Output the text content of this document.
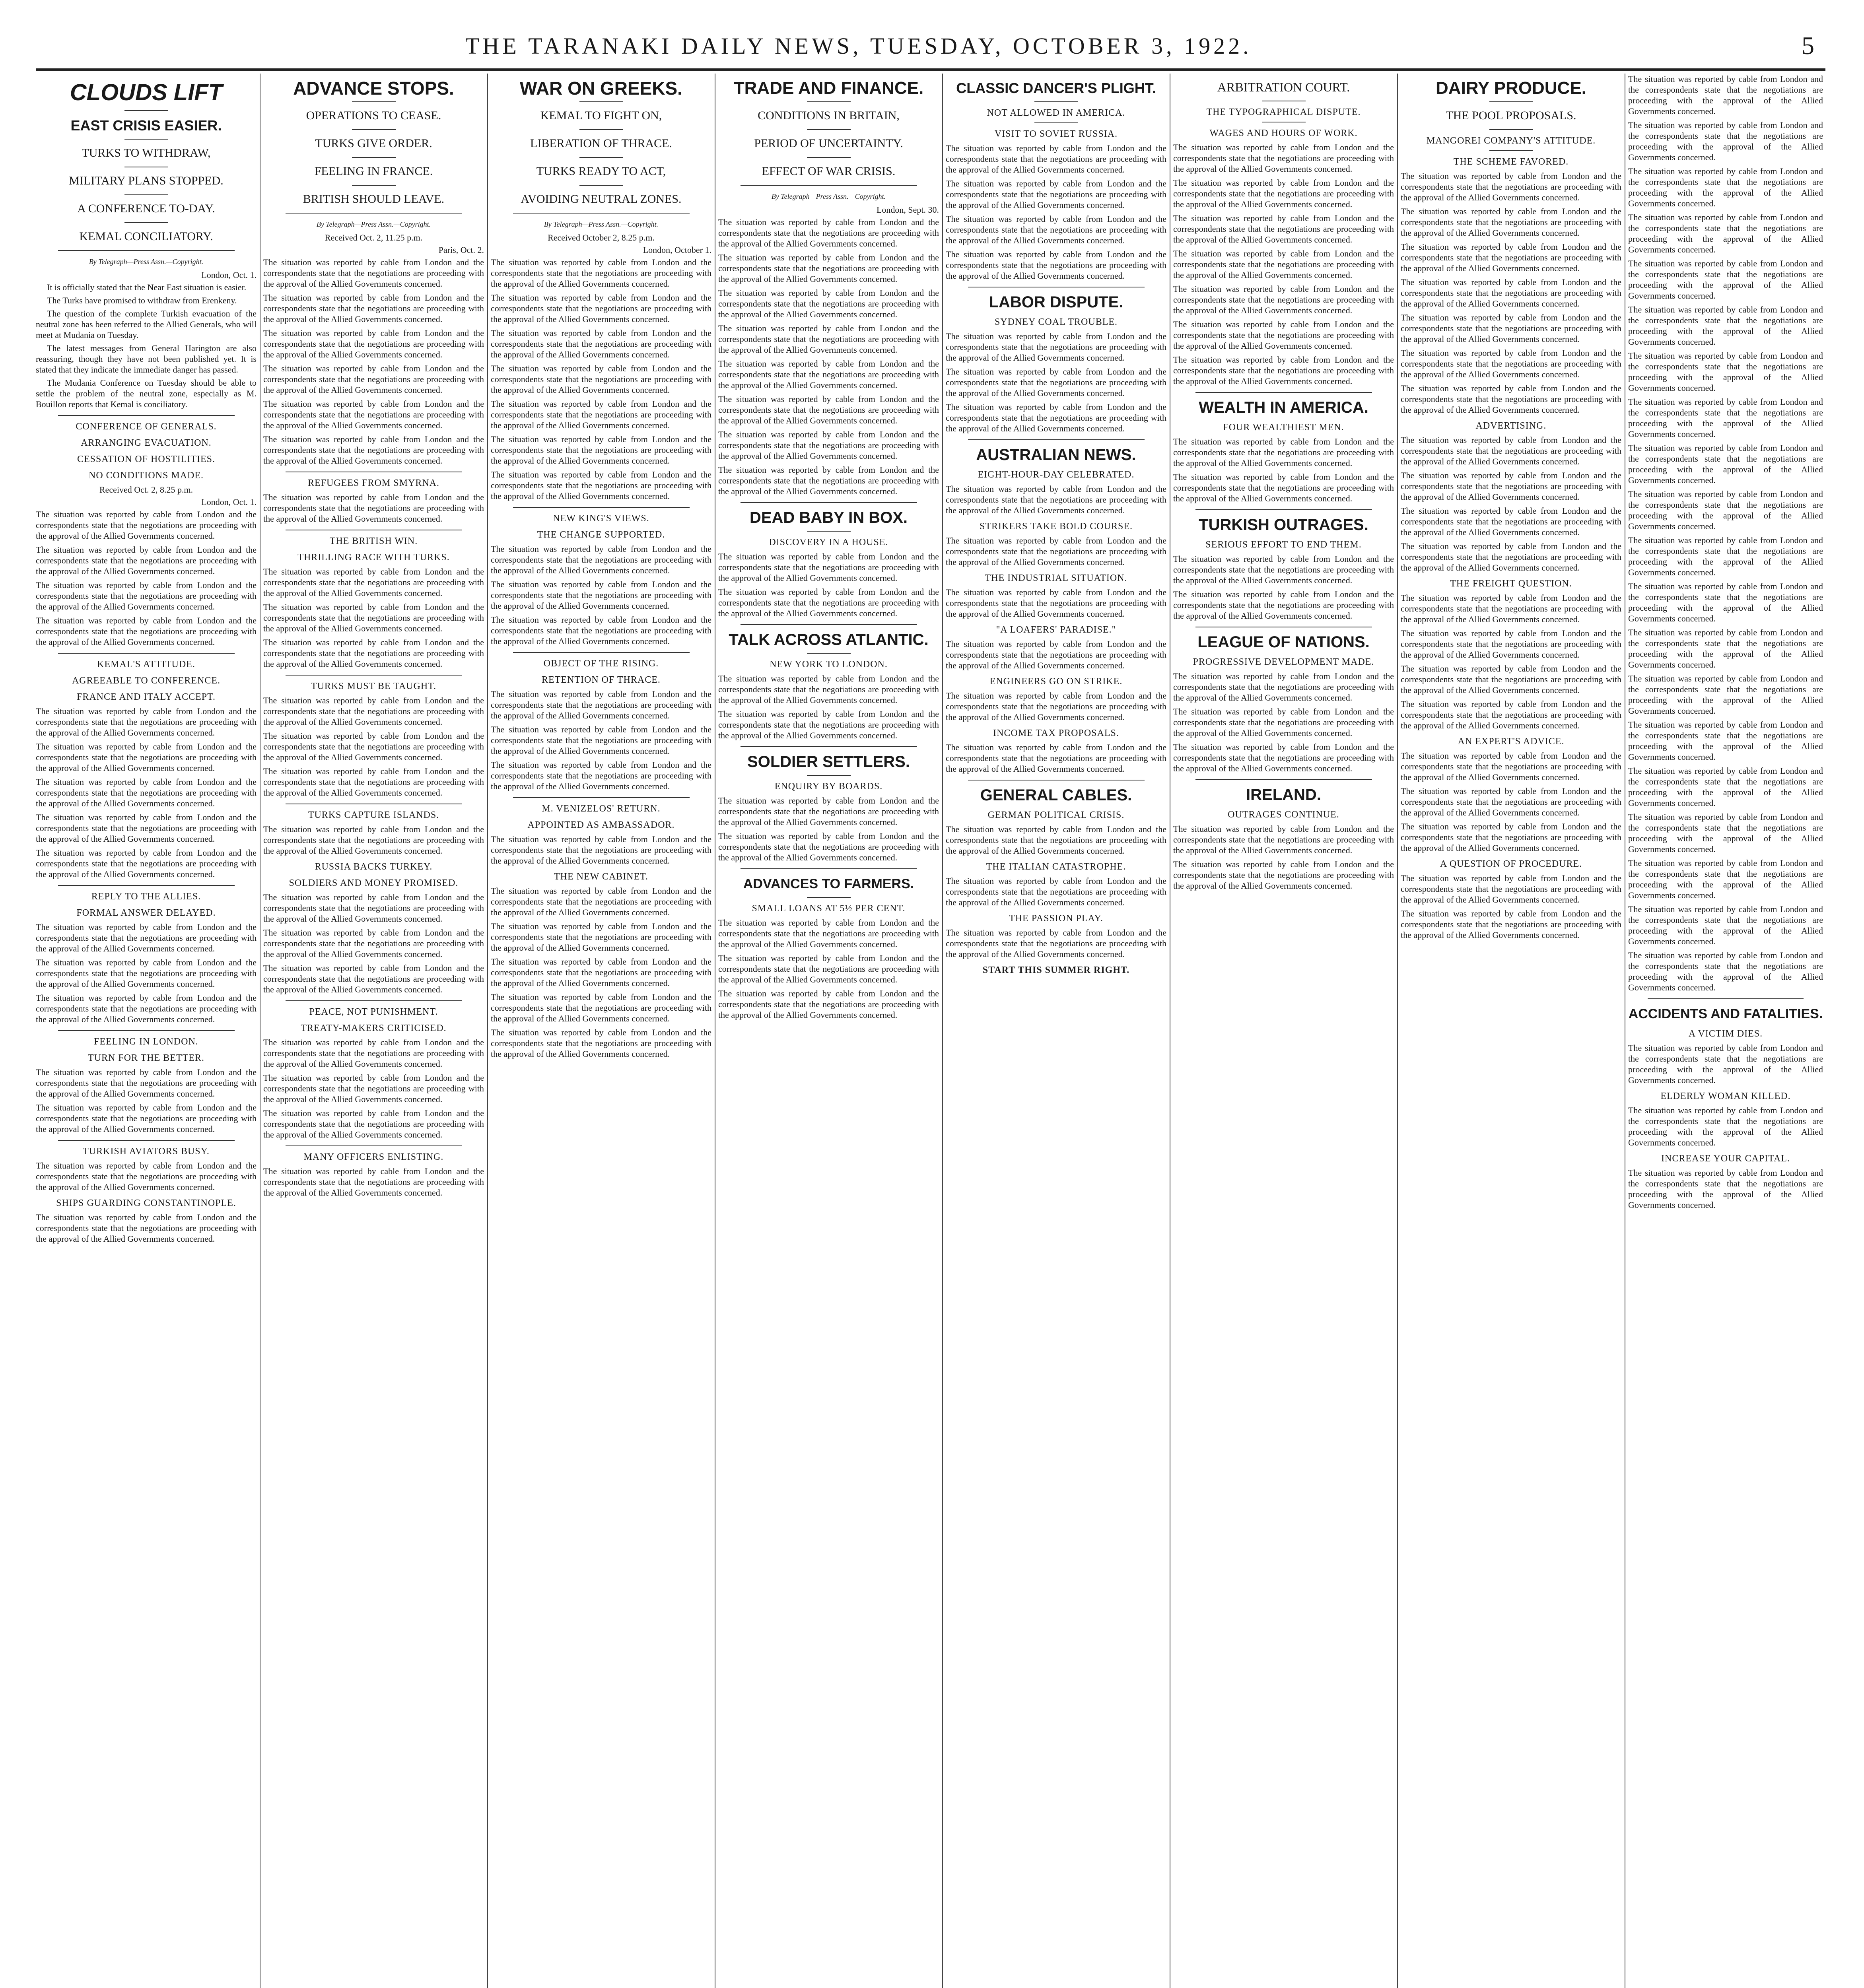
THE TARANAKI DAILY NEWS, TUESDAY, OCTOBER 3, 1922.	5
CLOUDS LIFT
EAST CRISIS EASIER.
TURKS TO WITHDRAW,
MILITARY PLANS STOPPED.
A CONFERENCE TO-DAY.
KEMAL CONCILIATORY.
By Telegraph—Press Assn.—Copyright.
London, Oct. 1.

It is officially stated that the Near East situation is easier.

The Turks have promised to withdraw from Erenkeny.

The question of the complete Turkish evacuation of the neutral zone has been referred to the Allied Generals, who will meet at Mudania on Tuesday.

The latest messages from General Harington are also reassuring, though they have not been published yet. It is stated that they indicate the immediate danger has passed.

The Mudania Conference on Tuesday should be able to settle the problem of the neutral zone, especially as M. Bouillon reports that Kemal is conciliatory.

CONFERENCE OF GENERALS.
ARRANGING EVACUATION.
CESSATION OF HOSTILITIES.
NO CONDITIONS MADE.
Received Oct. 2, 8.25 p.m.
London, Oct. 1.
The situation was reported by cable from London and the correspondents state that the negotiations are proceeding with the approval of the Allied Governments concerned.
The situation was reported by cable from London and the correspondents state that the negotiations are proceeding with the approval of the Allied Governments concerned.
The situation was reported by cable from London and the correspondents state that the negotiations are proceeding with the approval of the Allied Governments concerned.
The situation was reported by cable from London and the correspondents state that the negotiations are proceeding with the approval of the Allied Governments concerned.
KEMAL'S ATTITUDE.
AGREEABLE TO CONFERENCE.
FRANCE AND ITALY ACCEPT.
The situation was reported by cable from London and the correspondents state that the negotiations are proceeding with the approval of the Allied Governments concerned.
The situation was reported by cable from London and the correspondents state that the negotiations are proceeding with the approval of the Allied Governments concerned.
The situation was reported by cable from London and the correspondents state that the negotiations are proceeding with the approval of the Allied Governments concerned.
The situation was reported by cable from London and the correspondents state that the negotiations are proceeding with the approval of the Allied Governments concerned.
The situation was reported by cable from London and the correspondents state that the negotiations are proceeding with the approval of the Allied Governments concerned.
REPLY TO THE ALLIES.
FORMAL ANSWER DELAYED.
The situation was reported by cable from London and the correspondents state that the negotiations are proceeding with the approval of the Allied Governments concerned.
The situation was reported by cable from London and the correspondents state that the negotiations are proceeding with the approval of the Allied Governments concerned.
The situation was reported by cable from London and the correspondents state that the negotiations are proceeding with the approval of the Allied Governments concerned.
FEELING IN LONDON.
TURN FOR THE BETTER.
The situation was reported by cable from London and the correspondents state that the negotiations are proceeding with the approval of the Allied Governments concerned.
The situation was reported by cable from London and the correspondents state that the negotiations are proceeding with the approval of the Allied Governments concerned.
TURKISH AVIATORS BUSY.
The situation was reported by cable from London and the correspondents state that the negotiations are proceeding with the approval of the Allied Governments concerned.
SHIPS GUARDING CONSTANTINOPLE.
The situation was reported by cable from London and the correspondents state that the negotiations are proceeding with the approval of the Allied Governments concerned.
ADVANCE STOPS.
OPERATIONS TO CEASE.
TURKS GIVE ORDER.
FEELING IN FRANCE.
BRITISH SHOULD LEAVE.
By Telegraph—Press Assn.—Copyright.
Received Oct. 2, 11.25 p.m.
Paris, Oct. 2.
The situation was reported by cable from London and the correspondents state that the negotiations are proceeding with the approval of the Allied Governments concerned.
The situation was reported by cable from London and the correspondents state that the negotiations are proceeding with the approval of the Allied Governments concerned.
The situation was reported by cable from London and the correspondents state that the negotiations are proceeding with the approval of the Allied Governments concerned.
The situation was reported by cable from London and the correspondents state that the negotiations are proceeding with the approval of the Allied Governments concerned.
The situation was reported by cable from London and the correspondents state that the negotiations are proceeding with the approval of the Allied Governments concerned.
The situation was reported by cable from London and the correspondents state that the negotiations are proceeding with the approval of the Allied Governments concerned.
REFUGEES FROM SMYRNA.
The situation was reported by cable from London and the correspondents state that the negotiations are proceeding with the approval of the Allied Governments concerned.
THE BRITISH WIN.
THRILLING RACE WITH TURKS.
The situation was reported by cable from London and the correspondents state that the negotiations are proceeding with the approval of the Allied Governments concerned.
The situation was reported by cable from London and the correspondents state that the negotiations are proceeding with the approval of the Allied Governments concerned.
The situation was reported by cable from London and the correspondents state that the negotiations are proceeding with the approval of the Allied Governments concerned.
TURKS MUST BE TAUGHT.
The situation was reported by cable from London and the correspondents state that the negotiations are proceeding with the approval of the Allied Governments concerned.
The situation was reported by cable from London and the correspondents state that the negotiations are proceeding with the approval of the Allied Governments concerned.
The situation was reported by cable from London and the correspondents state that the negotiations are proceeding with the approval of the Allied Governments concerned.
TURKS CAPTURE ISLANDS.
The situation was reported by cable from London and the correspondents state that the negotiations are proceeding with the approval of the Allied Governments concerned.
RUSSIA BACKS TURKEY.
SOLDIERS AND MONEY PROMISED.
The situation was reported by cable from London and the correspondents state that the negotiations are proceeding with the approval of the Allied Governments concerned.
The situation was reported by cable from London and the correspondents state that the negotiations are proceeding with the approval of the Allied Governments concerned.
The situation was reported by cable from London and the correspondents state that the negotiations are proceeding with the approval of the Allied Governments concerned.
PEACE, NOT PUNISHMENT.
TREATY-MAKERS CRITICISED.
The situation was reported by cable from London and the correspondents state that the negotiations are proceeding with the approval of the Allied Governments concerned.
The situation was reported by cable from London and the correspondents state that the negotiations are proceeding with the approval of the Allied Governments concerned.
The situation was reported by cable from London and the correspondents state that the negotiations are proceeding with the approval of the Allied Governments concerned.
MANY OFFICERS ENLISTING.
The situation was reported by cable from London and the correspondents state that the negotiations are proceeding with the approval of the Allied Governments concerned.
WAR ON GREEKS.
KEMAL TO FIGHT ON,
LIBERATION OF THRACE.
TURKS READY TO ACT,
AVOIDING NEUTRAL ZONES.
By Telegraph—Press Assn.—Copyright.
Received October 2, 8.25 p.m.
London, October 1.
The situation was reported by cable from London and the correspondents state that the negotiations are proceeding with the approval of the Allied Governments concerned.
The situation was reported by cable from London and the correspondents state that the negotiations are proceeding with the approval of the Allied Governments concerned.
The situation was reported by cable from London and the correspondents state that the negotiations are proceeding with the approval of the Allied Governments concerned.
The situation was reported by cable from London and the correspondents state that the negotiations are proceeding with the approval of the Allied Governments concerned.
The situation was reported by cable from London and the correspondents state that the negotiations are proceeding with the approval of the Allied Governments concerned.
The situation was reported by cable from London and the correspondents state that the negotiations are proceeding with the approval of the Allied Governments concerned.
The situation was reported by cable from London and the correspondents state that the negotiations are proceeding with the approval of the Allied Governments concerned.
NEW KING'S VIEWS.
THE CHANGE SUPPORTED.
The situation was reported by cable from London and the correspondents state that the negotiations are proceeding with the approval of the Allied Governments concerned.
The situation was reported by cable from London and the correspondents state that the negotiations are proceeding with the approval of the Allied Governments concerned.
The situation was reported by cable from London and the correspondents state that the negotiations are proceeding with the approval of the Allied Governments concerned.
OBJECT OF THE RISING.
RETENTION OF THRACE.
The situation was reported by cable from London and the correspondents state that the negotiations are proceeding with the approval of the Allied Governments concerned.
The situation was reported by cable from London and the correspondents state that the negotiations are proceeding with the approval of the Allied Governments concerned.
The situation was reported by cable from London and the correspondents state that the negotiations are proceeding with the approval of the Allied Governments concerned.
M. VENIZELOS' RETURN.
APPOINTED AS AMBASSADOR.
The situation was reported by cable from London and the correspondents state that the negotiations are proceeding with the approval of the Allied Governments concerned.
THE NEW CABINET.
The situation was reported by cable from London and the correspondents state that the negotiations are proceeding with the approval of the Allied Governments concerned.
The situation was reported by cable from London and the correspondents state that the negotiations are proceeding with the approval of the Allied Governments concerned.
The situation was reported by cable from London and the correspondents state that the negotiations are proceeding with the approval of the Allied Governments concerned.
The situation was reported by cable from London and the correspondents state that the negotiations are proceeding with the approval of the Allied Governments concerned.
The situation was reported by cable from London and the correspondents state that the negotiations are proceeding with the approval of the Allied Governments concerned.
TRADE AND FINANCE.
CONDITIONS IN BRITAIN,
PERIOD OF UNCERTAINTY.
EFFECT OF WAR CRISIS.
By Telegraph—Press Assn.—Copyright.
London, Sept. 30.
The situation was reported by cable from London and the correspondents state that the negotiations are proceeding with the approval of the Allied Governments concerned.
The situation was reported by cable from London and the correspondents state that the negotiations are proceeding with the approval of the Allied Governments concerned.
The situation was reported by cable from London and the correspondents state that the negotiations are proceeding with the approval of the Allied Governments concerned.
The situation was reported by cable from London and the correspondents state that the negotiations are proceeding with the approval of the Allied Governments concerned.
The situation was reported by cable from London and the correspondents state that the negotiations are proceeding with the approval of the Allied Governments concerned.
The situation was reported by cable from London and the correspondents state that the negotiations are proceeding with the approval of the Allied Governments concerned.
The situation was reported by cable from London and the correspondents state that the negotiations are proceeding with the approval of the Allied Governments concerned.
The situation was reported by cable from London and the correspondents state that the negotiations are proceeding with the approval of the Allied Governments concerned.
DEAD BABY IN BOX.
DISCOVERY IN A HOUSE.
The situation was reported by cable from London and the correspondents state that the negotiations are proceeding with the approval of the Allied Governments concerned.
The situation was reported by cable from London and the correspondents state that the negotiations are proceeding with the approval of the Allied Governments concerned.
TALK ACROSS ATLANTIC.
NEW YORK TO LONDON.
The situation was reported by cable from London and the correspondents state that the negotiations are proceeding with the approval of the Allied Governments concerned.
The situation was reported by cable from London and the correspondents state that the negotiations are proceeding with the approval of the Allied Governments concerned.
SOLDIER SETTLERS.
ENQUIRY BY BOARDS.
The situation was reported by cable from London and the correspondents state that the negotiations are proceeding with the approval of the Allied Governments concerned.
The situation was reported by cable from London and the correspondents state that the negotiations are proceeding with the approval of the Allied Governments concerned.
ADVANCES TO FARMERS.
SMALL LOANS AT 5½ PER CENT.
The situation was reported by cable from London and the correspondents state that the negotiations are proceeding with the approval of the Allied Governments concerned.
The situation was reported by cable from London and the correspondents state that the negotiations are proceeding with the approval of the Allied Governments concerned.
The situation was reported by cable from London and the correspondents state that the negotiations are proceeding with the approval of the Allied Governments concerned.
CLASSIC DANCER'S PLIGHT.
NOT ALLOWED IN AMERICA.
VISIT TO SOVIET RUSSIA.
The situation was reported by cable from London and the correspondents state that the negotiations are proceeding with the approval of the Allied Governments concerned.
The situation was reported by cable from London and the correspondents state that the negotiations are proceeding with the approval of the Allied Governments concerned.
The situation was reported by cable from London and the correspondents state that the negotiations are proceeding with the approval of the Allied Governments concerned.
The situation was reported by cable from London and the correspondents state that the negotiations are proceeding with the approval of the Allied Governments concerned.
LABOR DISPUTE.
SYDNEY COAL TROUBLE.
The situation was reported by cable from London and the correspondents state that the negotiations are proceeding with the approval of the Allied Governments concerned.
The situation was reported by cable from London and the correspondents state that the negotiations are proceeding with the approval of the Allied Governments concerned.
The situation was reported by cable from London and the correspondents state that the negotiations are proceeding with the approval of the Allied Governments concerned.
AUSTRALIAN NEWS.
EIGHT-HOUR-DAY CELEBRATED.
The situation was reported by cable from London and the correspondents state that the negotiations are proceeding with the approval of the Allied Governments concerned.
STRIKERS TAKE BOLD COURSE.
The situation was reported by cable from London and the correspondents state that the negotiations are proceeding with the approval of the Allied Governments concerned.
THE INDUSTRIAL SITUATION.
The situation was reported by cable from London and the correspondents state that the negotiations are proceeding with the approval of the Allied Governments concerned.
"A LOAFERS' PARADISE."
The situation was reported by cable from London and the correspondents state that the negotiations are proceeding with the approval of the Allied Governments concerned.
ENGINEERS GO ON STRIKE.
The situation was reported by cable from London and the correspondents state that the negotiations are proceeding with the approval of the Allied Governments concerned.
INCOME TAX PROPOSALS.
The situation was reported by cable from London and the correspondents state that the negotiations are proceeding with the approval of the Allied Governments concerned.
GENERAL CABLES.
GERMAN POLITICAL CRISIS.
The situation was reported by cable from London and the correspondents state that the negotiations are proceeding with the approval of the Allied Governments concerned.
THE ITALIAN CATASTROPHE.
The situation was reported by cable from London and the correspondents state that the negotiations are proceeding with the approval of the Allied Governments concerned.
THE PASSION PLAY.
The situation was reported by cable from London and the correspondents state that the negotiations are proceeding with the approval of the Allied Governments concerned.
START THIS SUMMER RIGHT.
ARBITRATION COURT.
THE TYPOGRAPHICAL DISPUTE.
WAGES AND HOURS OF WORK.
The situation was reported by cable from London and the correspondents state that the negotiations are proceeding with the approval of the Allied Governments concerned.
The situation was reported by cable from London and the correspondents state that the negotiations are proceeding with the approval of the Allied Governments concerned.
The situation was reported by cable from London and the correspondents state that the negotiations are proceeding with the approval of the Allied Governments concerned.
The situation was reported by cable from London and the correspondents state that the negotiations are proceeding with the approval of the Allied Governments concerned.
The situation was reported by cable from London and the correspondents state that the negotiations are proceeding with the approval of the Allied Governments concerned.
The situation was reported by cable from London and the correspondents state that the negotiations are proceeding with the approval of the Allied Governments concerned.
The situation was reported by cable from London and the correspondents state that the negotiations are proceeding with the approval of the Allied Governments concerned.
WEALTH IN AMERICA.
FOUR WEALTHIEST MEN.
The situation was reported by cable from London and the correspondents state that the negotiations are proceeding with the approval of the Allied Governments concerned.
The situation was reported by cable from London and the correspondents state that the negotiations are proceeding with the approval of the Allied Governments concerned.
TURKISH OUTRAGES.
SERIOUS EFFORT TO END THEM.
The situation was reported by cable from London and the correspondents state that the negotiations are proceeding with the approval of the Allied Governments concerned.
The situation was reported by cable from London and the correspondents state that the negotiations are proceeding with the approval of the Allied Governments concerned.
LEAGUE OF NATIONS.
PROGRESSIVE DEVELOPMENT MADE.
The situation was reported by cable from London and the correspondents state that the negotiations are proceeding with the approval of the Allied Governments concerned.
The situation was reported by cable from London and the correspondents state that the negotiations are proceeding with the approval of the Allied Governments concerned.
The situation was reported by cable from London and the correspondents state that the negotiations are proceeding with the approval of the Allied Governments concerned.
IRELAND.
OUTRAGES CONTINUE.
The situation was reported by cable from London and the correspondents state that the negotiations are proceeding with the approval of the Allied Governments concerned.
The situation was reported by cable from London and the correspondents state that the negotiations are proceeding with the approval of the Allied Governments concerned.
DAIRY PRODUCE.
THE POOL PROPOSALS.
MANGOREI COMPANY'S ATTITUDE.
THE SCHEME FAVORED.
The situation was reported by cable from London and the correspondents state that the negotiations are proceeding with the approval of the Allied Governments concerned.
The situation was reported by cable from London and the correspondents state that the negotiations are proceeding with the approval of the Allied Governments concerned.
The situation was reported by cable from London and the correspondents state that the negotiations are proceeding with the approval of the Allied Governments concerned.
The situation was reported by cable from London and the correspondents state that the negotiations are proceeding with the approval of the Allied Governments concerned.
The situation was reported by cable from London and the correspondents state that the negotiations are proceeding with the approval of the Allied Governments concerned.
The situation was reported by cable from London and the correspondents state that the negotiations are proceeding with the approval of the Allied Governments concerned.
The situation was reported by cable from London and the correspondents state that the negotiations are proceeding with the approval of the Allied Governments concerned.
ADVERTISING.
The situation was reported by cable from London and the correspondents state that the negotiations are proceeding with the approval of the Allied Governments concerned.
The situation was reported by cable from London and the correspondents state that the negotiations are proceeding with the approval of the Allied Governments concerned.
The situation was reported by cable from London and the correspondents state that the negotiations are proceeding with the approval of the Allied Governments concerned.
The situation was reported by cable from London and the correspondents state that the negotiations are proceeding with the approval of the Allied Governments concerned.
THE FREIGHT QUESTION.
The situation was reported by cable from London and the correspondents state that the negotiations are proceeding with the approval of the Allied Governments concerned.
The situation was reported by cable from London and the correspondents state that the negotiations are proceeding with the approval of the Allied Governments concerned.
The situation was reported by cable from London and the correspondents state that the negotiations are proceeding with the approval of the Allied Governments concerned.
The situation was reported by cable from London and the correspondents state that the negotiations are proceeding with the approval of the Allied Governments concerned.
AN EXPERT'S ADVICE.
The situation was reported by cable from London and the correspondents state that the negotiations are proceeding with the approval of the Allied Governments concerned.
The situation was reported by cable from London and the correspondents state that the negotiations are proceeding with the approval of the Allied Governments concerned.
The situation was reported by cable from London and the correspondents state that the negotiations are proceeding with the approval of the Allied Governments concerned.
A QUESTION OF PROCEDURE.
The situation was reported by cable from London and the correspondents state that the negotiations are proceeding with the approval of the Allied Governments concerned.
The situation was reported by cable from London and the correspondents state that the negotiations are proceeding with the approval of the Allied Governments concerned.
The situation was reported by cable from London and the correspondents state that the negotiations are proceeding with the approval of the Allied Governments concerned.
The situation was reported by cable from London and the correspondents state that the negotiations are proceeding with the approval of the Allied Governments concerned.
The situation was reported by cable from London and the correspondents state that the negotiations are proceeding with the approval of the Allied Governments concerned.
The situation was reported by cable from London and the correspondents state that the negotiations are proceeding with the approval of the Allied Governments concerned.
The situation was reported by cable from London and the correspondents state that the negotiations are proceeding with the approval of the Allied Governments concerned.
The situation was reported by cable from London and the correspondents state that the negotiations are proceeding with the approval of the Allied Governments concerned.
The situation was reported by cable from London and the correspondents state that the negotiations are proceeding with the approval of the Allied Governments concerned.
The situation was reported by cable from London and the correspondents state that the negotiations are proceeding with the approval of the Allied Governments concerned.
The situation was reported by cable from London and the correspondents state that the negotiations are proceeding with the approval of the Allied Governments concerned.
The situation was reported by cable from London and the correspondents state that the negotiations are proceeding with the approval of the Allied Governments concerned.
The situation was reported by cable from London and the correspondents state that the negotiations are proceeding with the approval of the Allied Governments concerned.
The situation was reported by cable from London and the correspondents state that the negotiations are proceeding with the approval of the Allied Governments concerned.
The situation was reported by cable from London and the correspondents state that the negotiations are proceeding with the approval of the Allied Governments concerned.
The situation was reported by cable from London and the correspondents state that the negotiations are proceeding with the approval of the Allied Governments concerned.
The situation was reported by cable from London and the correspondents state that the negotiations are proceeding with the approval of the Allied Governments concerned.
The situation was reported by cable from London and the correspondents state that the negotiations are proceeding with the approval of the Allied Governments concerned.
The situation was reported by cable from London and the correspondents state that the negotiations are proceeding with the approval of the Allied Governments concerned.
The situation was reported by cable from London and the correspondents state that the negotiations are proceeding with the approval of the Allied Governments concerned.
The situation was reported by cable from London and the correspondents state that the negotiations are proceeding with the approval of the Allied Governments concerned.
The situation was reported by cable from London and the correspondents state that the negotiations are proceeding with the approval of the Allied Governments concerned.
ACCIDENTS AND FATALITIES.
A VICTIM DIES.
The situation was reported by cable from London and the correspondents state that the negotiations are proceeding with the approval of the Allied Governments concerned.
ELDERLY WOMAN KILLED.
The situation was reported by cable from London and the correspondents state that the negotiations are proceeding with the approval of the Allied Governments concerned.
INCREASE YOUR CAPITAL.
The situation was reported by cable from London and the correspondents state that the negotiations are proceeding with the approval of the Allied Governments concerned.
